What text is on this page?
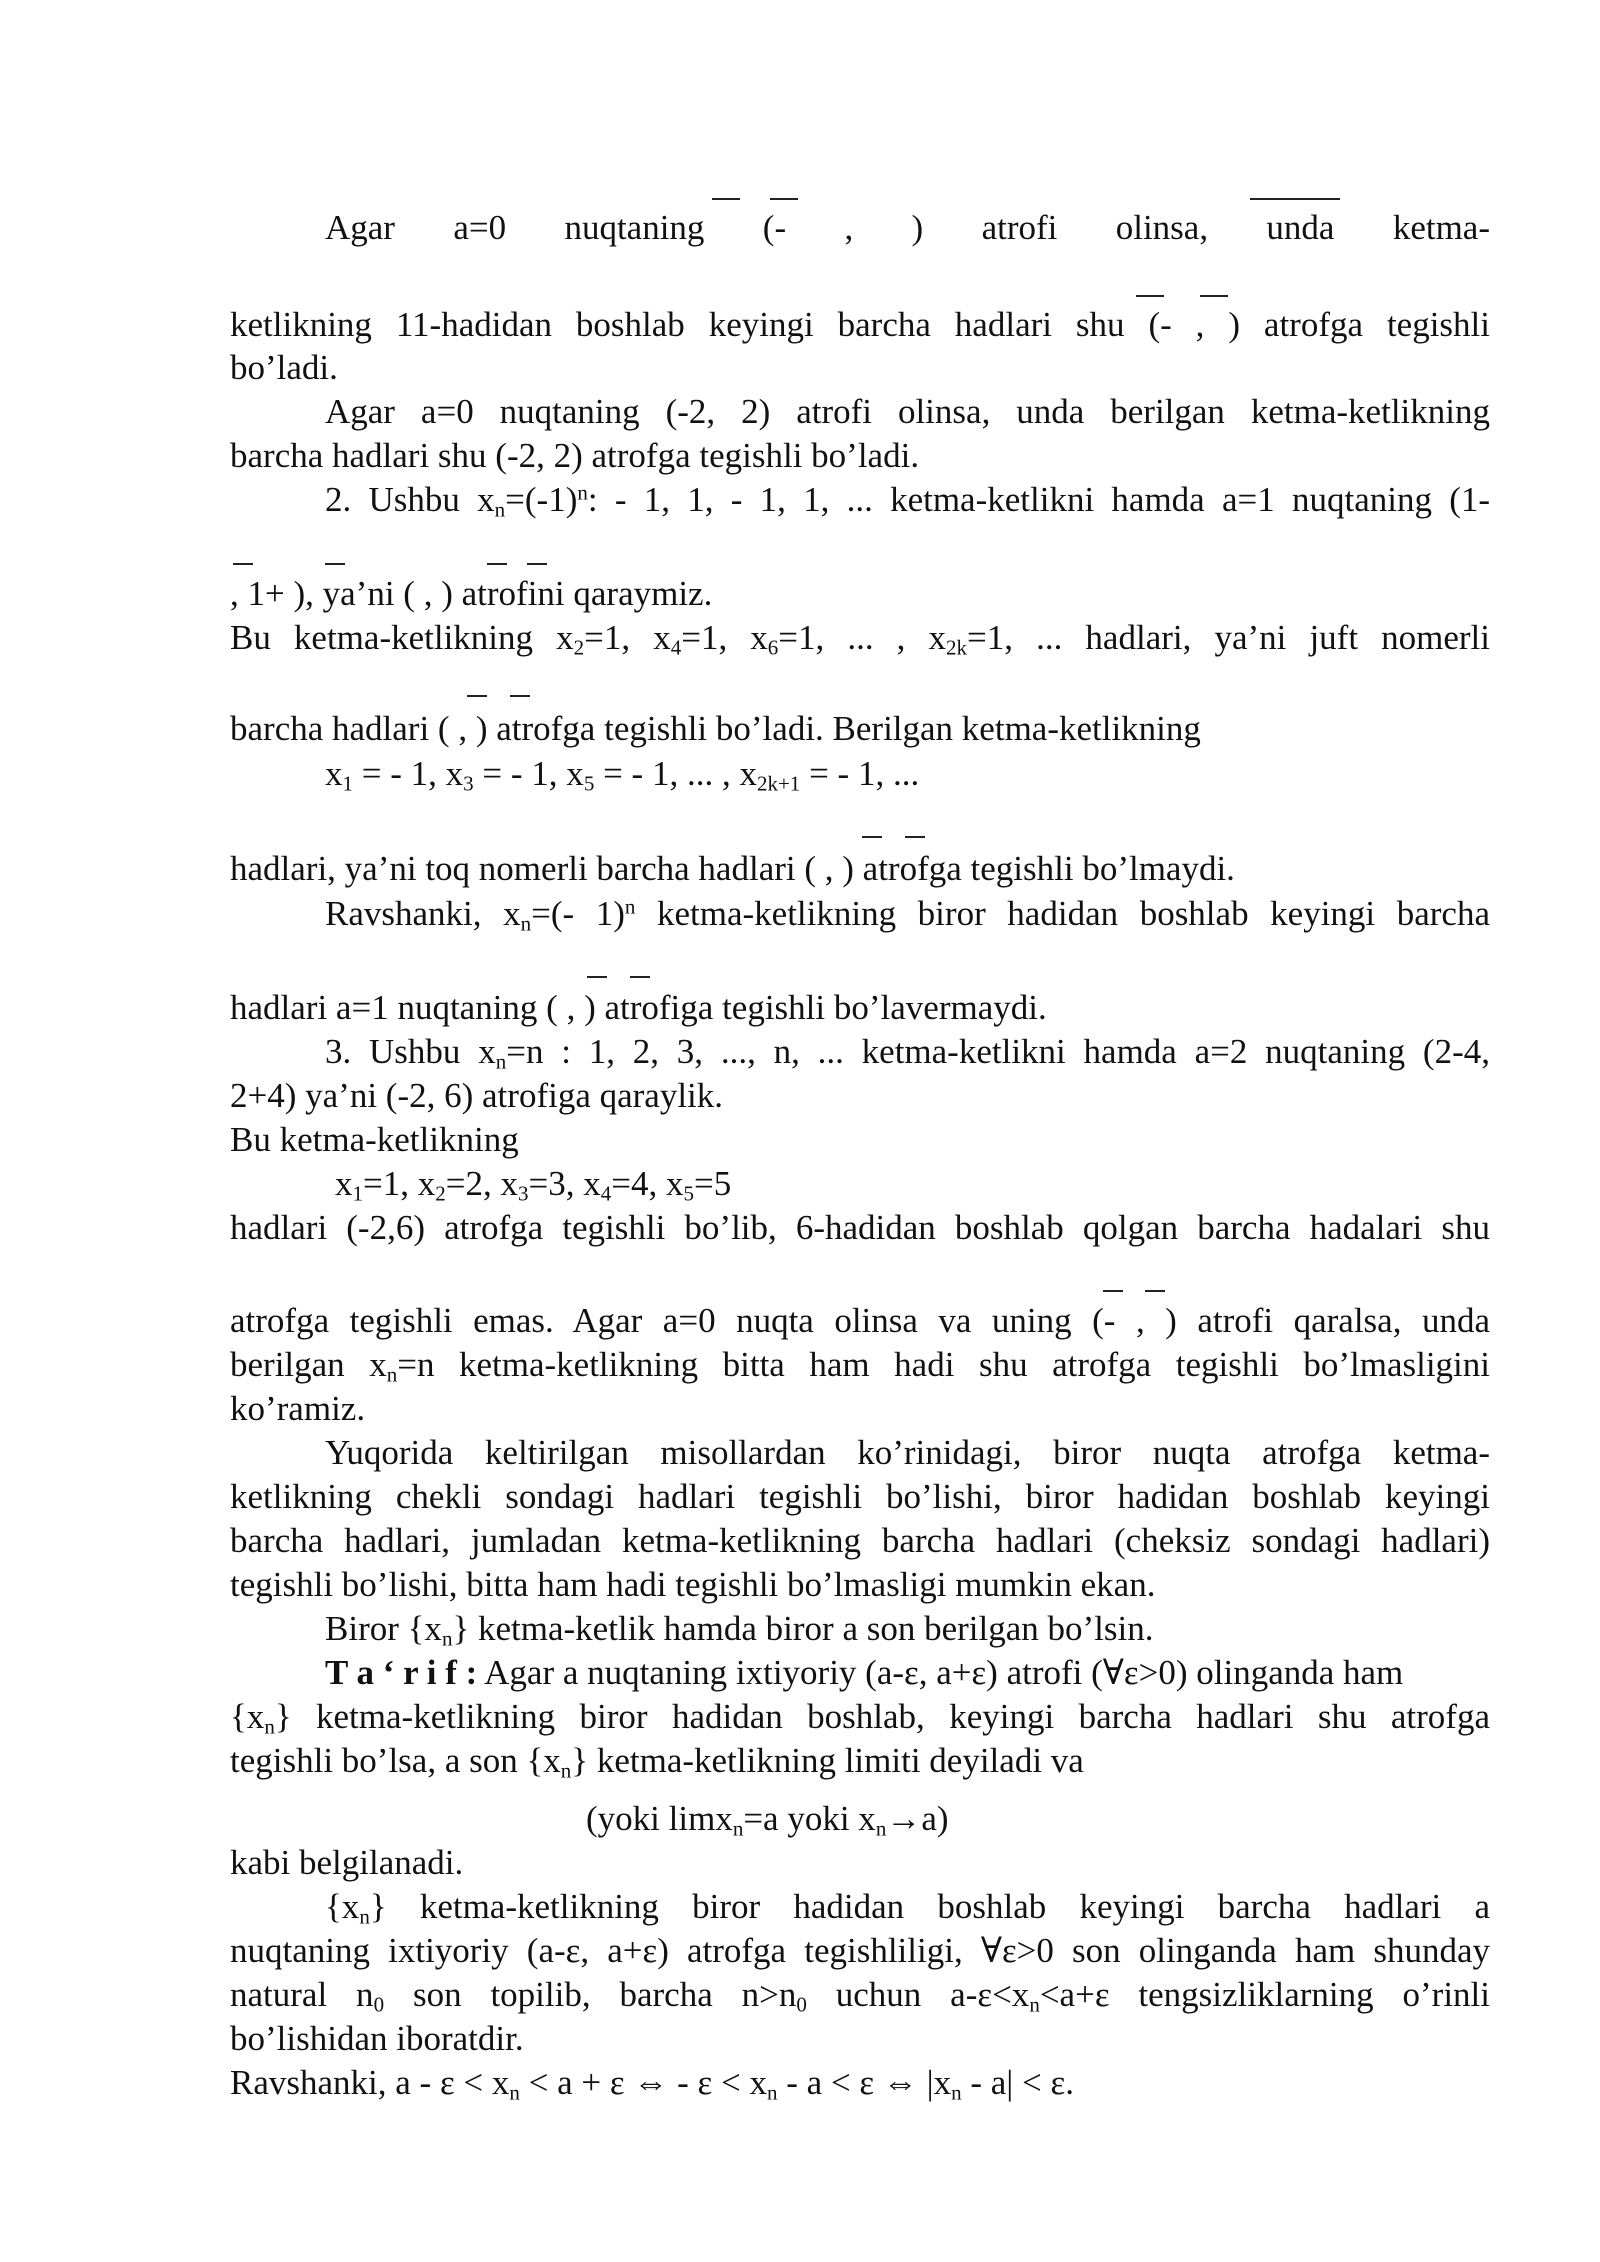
Agar a=0 nuqtaning (- , ) atrofi olinsa, unda ketma-
ketlikning 11-hadidan boshlab keyingi barcha hadlari shu (- , ) atrofga tegishli
bo’ladi.
Agar a=0 nuqtaning (-2, 2) atrofi olinsa, unda berilgan ketma-ketlikning
barcha hadlari shu (-2, 2) atrofga tegishli bo’ladi.
2. Ushbu $x_n=(-1)^n$: - 1, 1, - 1, 1, ... ketma-ketlikni hamda a=1 nuqtaning (1-
, 1+ ), ya’ni ( , ) atrofini qaraymiz.
Bu ketma-ketlikning $x_2=1$, $x_4=1$, $x_6=1$, ... , $x_{2k}=1$, ... hadlari, ya’ni juft nomerli
barcha hadlari ( , ) atrofga tegishli bo’ladi. Berilgan ketma-ketlikning
$x_1$ = - 1, $x_3$ = - 1, $x_5$ = - 1, ... , $x_{2k+1}$ = - 1, ...
hadlari, ya’ni toq nomerli barcha hadlari ( , ) atrofga tegishli bo’lmaydi.
Ravshanki, $x_n=(-$ 1)$^n$ ketma-ketlikning biror hadidan boshlab keyingi barcha
hadlari a=1 nuqtaning ( , ) atrofiga tegishli bo’lavermaydi.
3. Ushbu $x_n=n$ : 1, 2, 3, ..., n, ... ketma-ketlikni hamda a=2 nuqtaning (2-4,
2+4) ya’ni (-2, 6) atrofiga qaraylik.
Bu ketma-ketlikning
$x_1=1$, $x_2=2$, $x_3=3$, $x_4=4$, $x_5=5$
hadlari (-2,6) atrofga tegishli bo’lib, 6-hadidan boshlab qolgan barcha hadalari shu
atrofga tegishli emas. Agar a=0 nuqta olinsa va uning (- , ) atrofi qaralsa, unda
berilgan $x_n=n$ ketma-ketlikning bitta ham hadi shu atrofga tegishli bo’lmasligini
ko’ramiz.
Yuqorida keltirilgan misollardan ko’rinidagi, biror nuqta atrofga ketma-
ketlikning chekli sondagi hadlari tegishli bo’lishi, biror hadidan boshlab keyingi
barcha hadlari, jumladan ketma-ketlikning barcha hadlari (cheksiz sondagi hadlari)
tegishli bo’lishi, bitta ham hadi tegishli bo’lmasligi mumkin ekan.
Biror $\{x_n\}$ ketma-ketlik hamda biror a son berilgan bo’lsin.
T a ‘ r i f : Agar a nuqtaning ixtiyoriy (a-ε, a+ε) atrofi (∀ε>0) olinganda ham
$\{x_n\}$ ketma-ketlikning biror hadidan boshlab, keyingi barcha hadlari shu atrofga
tegishli bo’lsa, a son $\{x_n\}$ ketma-ketlikning limiti deyiladi va
(yoki limx$_n$=a yoki $x_n\to a$)
kabi belgilanadi.
$\{x_n\}$ ketma-ketlikning biror hadidan boshlab keyingi barcha hadlari a
nuqtaning ixtiyoriy (a-ε, a+ε) atrofga tegishliligi, ∀ε>0 son olinganda ham shunday
natural $n_0$ son topilib, barcha $n>n_0$ uchun $a-\varepsilon<x_n<a+\varepsilon$ tengsizliklarning o’rinli
bo’lishidan iboratdir.
Ravshanki, $a - \varepsilon < x_n < a + \varepsilon$ ⇔ - $\varepsilon < x_n - a < \varepsilon$ ⇔ $|x_n - a| < \varepsilon$.
